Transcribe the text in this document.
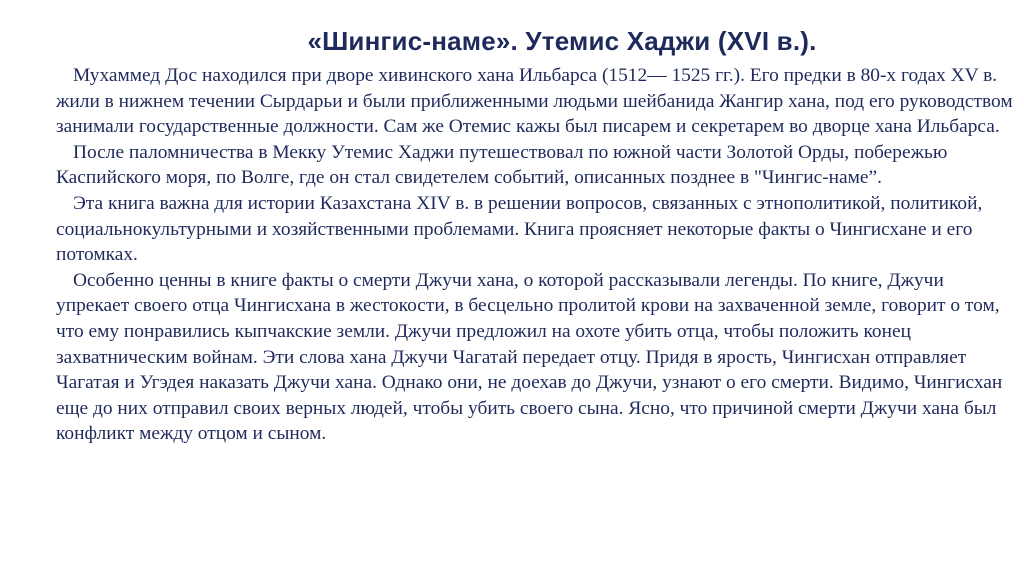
«Шингис-наме». Утемис Хаджи (XVI в.).

Мухаммед Дос находился при дворе хивинского хана Ильбарса (1512— 1525 гг.). Его предки в 80-х годах XV в. жили в нижнем течении Сырдарьи и были приближенными людьми шейбанида Жангир хана, под его руководством занимали государственные должности. Сам же Отемис кажы был писарем и секретарем во дворце хана Ильбарса.

После паломничества в Мекку Утемис Хаджи путешествовал по южной части Золотой Орды, побережью Каспийского моря, по Волге, где он стал свидетелем событий, описанных позднее в "Чингис-наме”.

Эта книга важна для истории Казахстана XIV в. в решении вопросов, связанных с этнополитикой, политикой, социальнокультурными и хозяйственными проблемами. Книга проясняет некоторые факты о Чингисхане и его потомках.

Особенно ценны в книге факты о смерти Джучи хана, о которой рассказывали легенды. По книге, Джучи упрекает своего отца Чингисхана в жестокости, в бесцельно пролитой крови на захваченной земле, говорит о том, что ему понравились кыпчакские земли. Джучи предложил на охоте убить отца, чтобы положить конец захватническим войнам. Эти слова хана Джучи Чагатай передает отцу. Придя в ярость, Чингисхан отправляет Чагатая и Угэдея наказать Джучи хана. Однако они, не доехав до Джучи, узнают о его смерти. Видимо, Чингисхан еще до них отправил своих верных людей, чтобы убить своего сына. Ясно, что причиной смерти Джучи хана был конфликт между отцом и сыном.
